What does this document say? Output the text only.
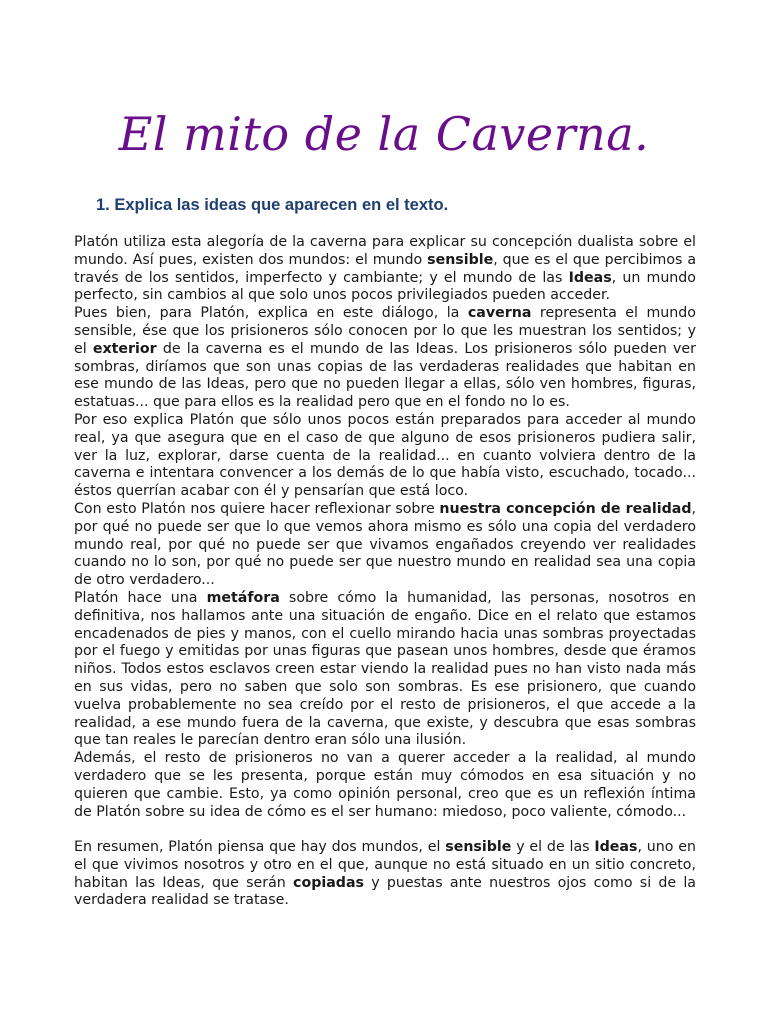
El mito de la Caverna.
1. Explica las ideas que aparecen en el texto.

Platón utiliza esta alegoría de la caverna para explicar su concepción dualista sobre el mundo. Así pues, existen dos mundos: el mundo sensible, que es el que percibimos a través de los sentidos, imperfecto y cambiante; y el mundo de las Ideas, un mundo perfecto, sin cambios al que solo unos pocos privilegiados pueden acceder.

Pues bien, para Platón, explica en este diálogo, la caverna representa el mundo sensible, ése que los prisioneros sólo conocen por lo que les muestran los sentidos; y el exterior de la caverna es el mundo de las Ideas. Los prisioneros sólo pueden ver sombras, diríamos que son unas copias de las verdaderas realidades que habitan en ese mundo de las Ideas, pero que no pueden llegar a ellas, sólo ven hombres, figuras, estatuas... que para ellos es la realidad pero que en el fondo no lo es.

Por eso explica Platón que sólo unos pocos están preparados para acceder al mundo real, ya que asegura que en el caso de que alguno de esos prisioneros pudiera salir, ver la luz, explorar, darse cuenta de la realidad... en cuanto volviera dentro de la caverna e intentara convencer a los demás de lo que había visto, escuchado, tocado... éstos querrían acabar con él y pensarían que está loco.

Con esto Platón nos quiere hacer reflexionar sobre nuestra concepción de realidad, por qué no puede ser que lo que vemos ahora mismo es sólo una copia del verdadero mundo real, por qué no puede ser que vivamos engañados creyendo ver realidades cuando no lo son, por qué no puede ser que nuestro mundo en realidad sea una copia de otro verdadero...

Platón hace una metáfora sobre cómo la humanidad, las personas, nosotros en definitiva, nos hallamos ante una situación de engaño. Dice en el relato que estamos encadenados de pies y manos, con el cuello mirando hacia unas sombras proyectadas por el fuego y emitidas por unas figuras que pasean unos hombres, desde que éramos niños. Todos estos esclavos creen estar viendo la realidad pues no han visto nada más en sus vidas, pero no saben que solo son sombras. Es ese prisionero, que cuando vuelva probablemente no sea creído por el resto de prisioneros, el que accede a la realidad, a ese mundo fuera de la caverna, que existe, y descubra que esas sombras que tan reales le parecían dentro eran sólo una ilusión.

Además, el resto de prisioneros no van a querer acceder a la realidad, al mundo verdadero que se les presenta, porque están muy cómodos en esa situación y no quieren que cambie. Esto, ya como opinión personal, creo que es un reflexión íntima de Platón sobre su idea de cómo es el ser humano: miedoso, poco valiente, cómodo...

En resumen, Platón piensa que hay dos mundos, el sensible y el de las Ideas, uno en el que vivimos nosotros y otro en el que, aunque no está situado en un sitio concreto, habitan las Ideas, que serán copiadas y puestas ante nuestros ojos como si de la verdadera realidad se tratase.
